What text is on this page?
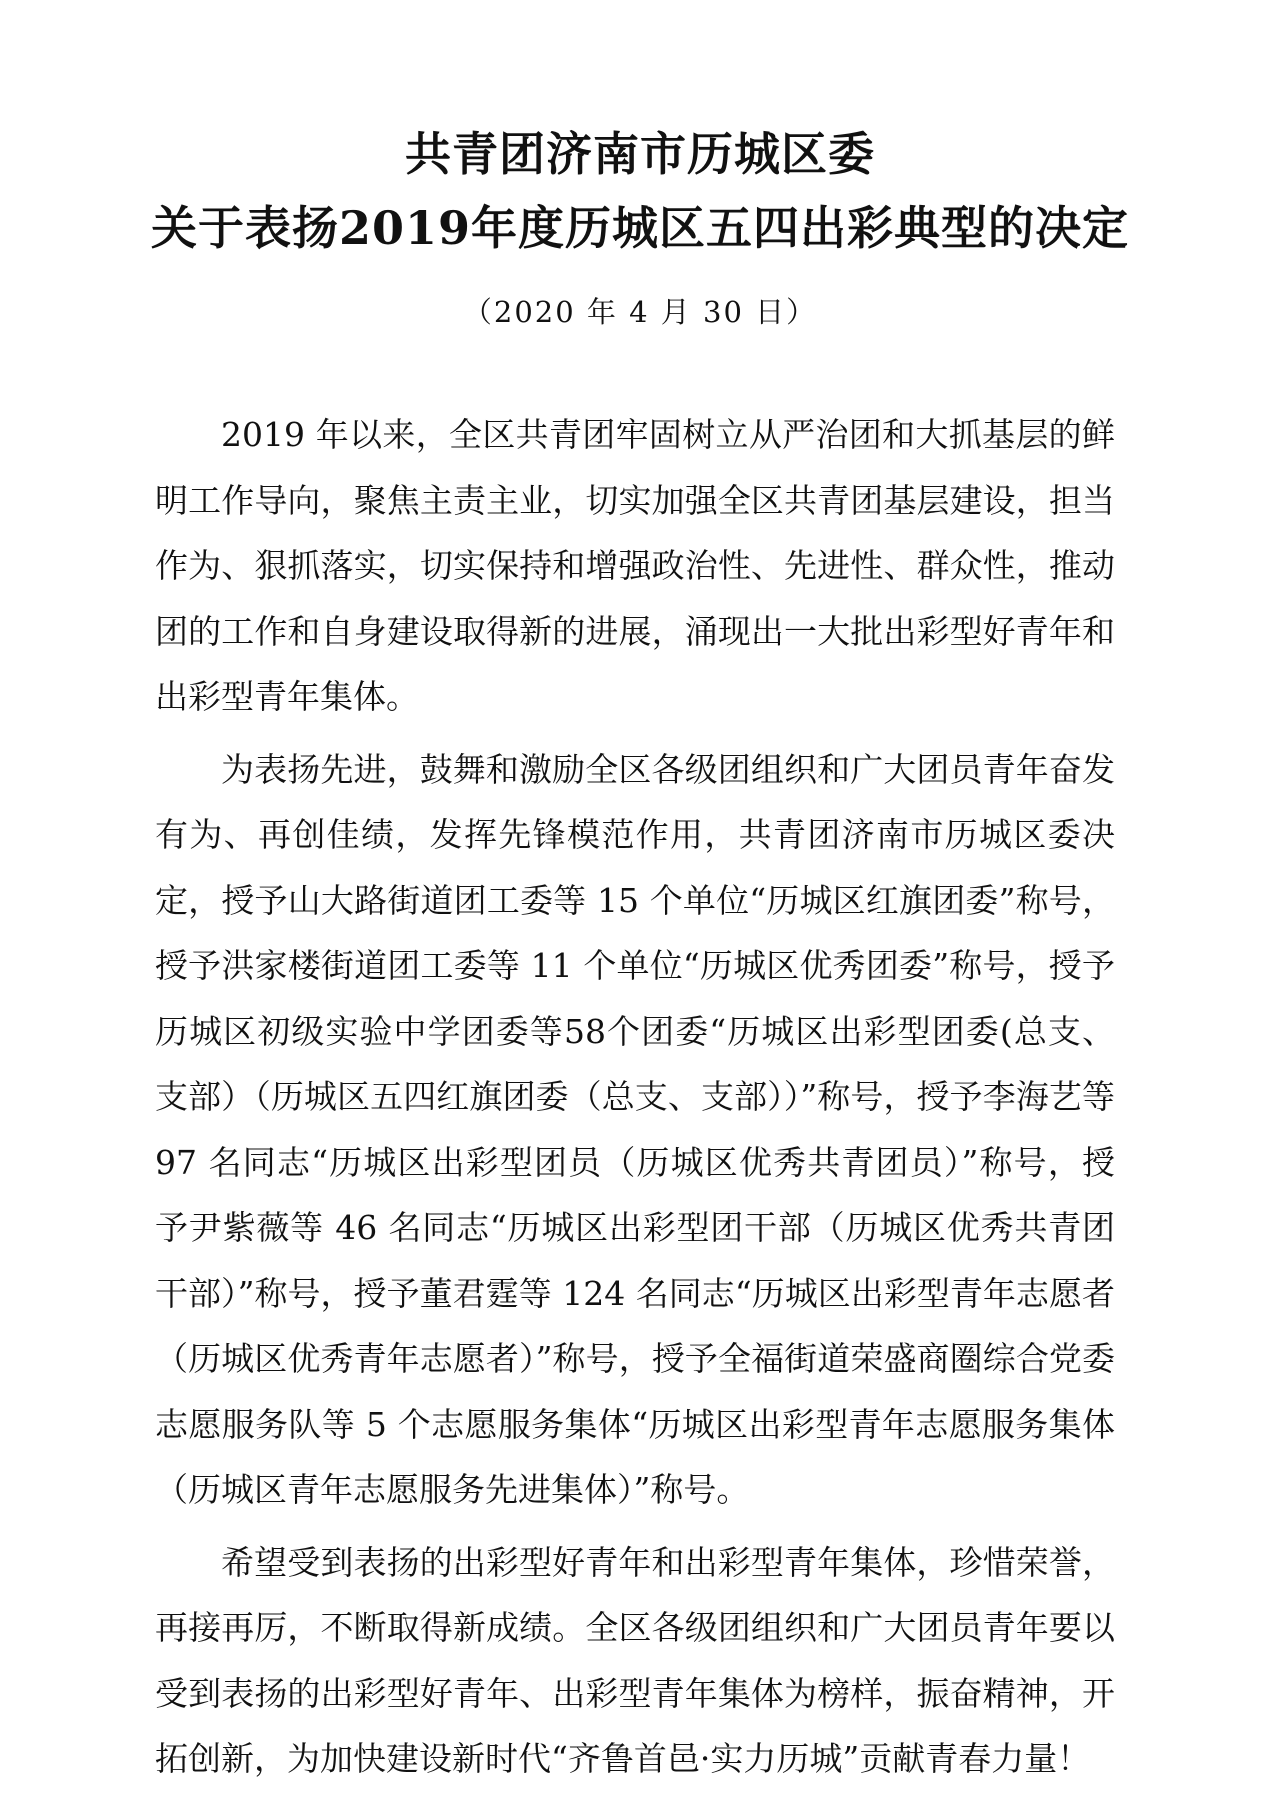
共青团济南市历城区委
关于表扬2019年度历城区五四出彩典型的决定

（2020 年 4 月 30 日）

2019 年以来，全区共青团牢固树立从严治团和大抓基层的鲜明工作导向，聚焦主责主业，切实加强全区共青团基层建设，担当作为、狠抓落实，切实保持和增强政治性、先进性、群众性，推动团的工作和自身建设取得新的进展，涌现出一大批出彩型好青年和出彩型青年集体。

为表扬先进，鼓舞和激励全区各级团组织和广大团员青年奋发有为、再创佳绩，发挥先锋模范作用，共青团济南市历城区委决定，授予山大路街道团工委等 15 个单位“历城区红旗团委”称号，授予洪家楼街道团工委等 11 个单位“历城区优秀团委”称号，授予历城区初级实验中学团委等58个团委“历城区出彩型团委(总支、支部）（历城区五四红旗团委（总支、支部））”称号，授予李海艺等 97 名同志“历城区出彩型团员（历城区优秀共青团员）”称号，授予尹紫薇等 46 名同志“历城区出彩型团干部（历城区优秀共青团干部）”称号，授予董君霆等 124 名同志“历城区出彩型青年志愿者（历城区优秀青年志愿者）”称号，授予全福街道荣盛商圈综合党委志愿服务队等 5 个志愿服务集体“历城区出彩型青年志愿服务集体（历城区青年志愿服务先进集体）”称号。

希望受到表扬的出彩型好青年和出彩型青年集体，珍惜荣誉，再接再厉，不断取得新成绩。全区各级团组织和广大团员青年要以受到表扬的出彩型好青年、出彩型青年集体为榜样，振奋精神，开拓创新，为加快建设新时代“齐鲁首邑·实力历城”贡献青春力量！
